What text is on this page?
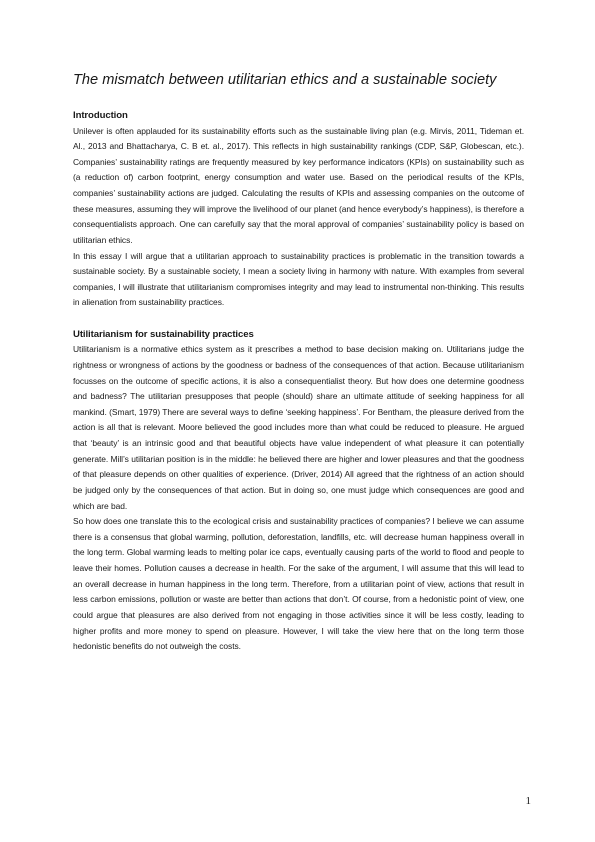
The mismatch between utilitarian ethics and a sustainable society
Introduction

Unilever is often applauded for its sustainability efforts such as the sustainable living plan (e.g. Mirvis, 2011, Tideman et. Al., 2013 and Bhattacharya, C. B et. al., 2017). This reflects in high sustainability rankings (CDP, S&P, Globescan, etc.). Companies’ sustainability ratings are frequently measured by key performance indicators (KPIs) on sustainability such as (a reduction of) carbon footprint, energy consumption and water use. Based on the periodical results of the KPIs, companies’ sustainability actions are judged. Calculating the results of KPIs and assessing companies on the outcome of these measures, assuming they will improve the livelihood of our planet (and hence everybody’s happiness), is therefore a consequentialists approach. One can carefully say that the moral approval of companies’ sustainability policy is based on utilitarian ethics.

In this essay I will argue that a utilitarian approach to sustainability practices is problematic in the transition towards a sustainable society. By a sustainable society, I mean a society living in harmony with nature. With examples from several companies, I will illustrate that utilitarianism compromises integrity and may lead to instrumental non-thinking. This results in alienation from sustainability practices.

Utilitarianism for sustainability practices

Utilitarianism is a normative ethics system as it prescribes a method to base decision making on. Utilitarians judge the rightness or wrongness of actions by the goodness or badness of the consequences of that action. Because utilitarianism focusses on the outcome of specific actions, it is also a consequentialist theory. But how does one determine goodness and badness? The utilitarian presupposes that people (should) share an ultimate attitude of seeking happiness for all mankind. (Smart, 1979) There are several ways to define ‘seeking happiness’. For Bentham, the pleasure derived from the action is all that is relevant. Moore believed the good includes more than what could be reduced to pleasure. He argued that ‘beauty’ is an intrinsic good and that beautiful objects have value independent of what pleasure it can potentially generate. Mill’s utilitarian position is in the middle: he believed there are higher and lower pleasures and that the goodness of that pleasure depends on other qualities of experience. (Driver, 2014) All agreed that the rightness of an action should be judged only by the consequences of that action. But in doing so, one must judge which consequences are good and which are bad.

So how does one translate this to the ecological crisis and sustainability practices of companies? I believe we can assume there is a consensus that global warming, pollution, deforestation, landfills, etc. will decrease human happiness overall in the long term. Global warming leads to melting polar ice caps, eventually causing parts of the world to flood and people to leave their homes. Pollution causes a decrease in health. For the sake of the argument, I will assume that this will lead to an overall decrease in human happiness in the long term. Therefore, from a utilitarian point of view, actions that result in less carbon emissions, pollution or waste are better than actions that don’t. Of course, from a hedonistic point of view, one could argue that pleasures are also derived from not engaging in those activities since it will be less costly, leading to higher profits and more money to spend on pleasure. However, I will take the view here that on the long term those hedonistic benefits do not outweigh the costs.

1
